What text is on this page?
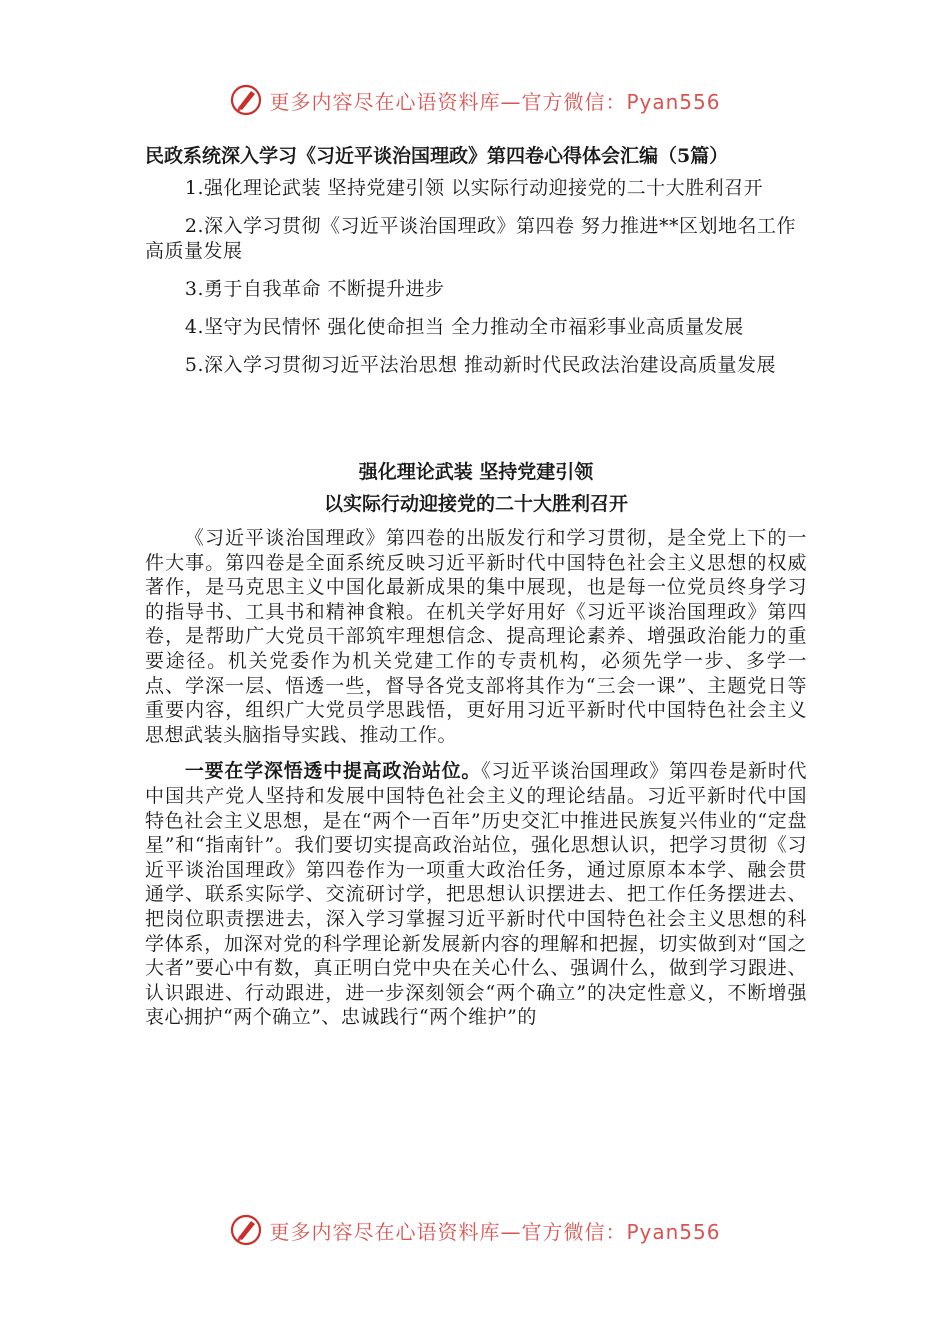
更多内容尽在心语资料库—官方微信：Pyan556

民政系统深入学习《习近平谈治国理政》第四卷心得体会汇编（5篇）

1.强化理论武装 坚持党建引领 以实际行动迎接党的二十大胜利召开

2.深入学习贯彻《习近平谈治国理政》第四卷 努力推进**区划地名工作高质量发展

3.勇于自我革命 不断提升进步

4.坚守为民情怀 强化使命担当 全力推动全市福彩事业高质量发展

5.深入学习贯彻习近平法治思想 推动新时代民政法治建设高质量发展

强化理论武装 坚持党建引领

以实际行动迎接党的二十大胜利召开

《习近平谈治国理政》第四卷的出版发行和学习贯彻，是全党上下的一件大事。第四卷是全面系统反映习近平新时代中国特色社会主义思想的权威著作，是马克思主义中国化最新成果的集中展现，也是每一位党员终身学习的指导书、工具书和精神食粮。在机关学好用好《习近平谈治国理政》第四卷，是帮助广大党员干部筑牢理想信念、提高理论素养、增强政治能力的重要途径。机关党委作为机关党建工作的专责机构，必须先学一步、多学一点、学深一层、悟透一些，督导各党支部将其作为“三会一课”、主题党日等重要内容，组织广大党员学思践悟，更好用习近平新时代中国特色社会主义思想武装头脑指导实践、推动工作。

一要在学深悟透中提高政治站位。《习近平谈治国理政》第四卷是新时代中国共产党人坚持和发展中国特色社会主义的理论结晶。习近平新时代中国特色社会主义思想，是在“两个一百年”历史交汇中推进民族复兴伟业的“定盘星”和“指南针”。我们要切实提高政治站位，强化思想认识，把学习贯彻《习近平谈治国理政》第四卷作为一项重大政治任务，通过原原本本学、融会贯通学、联系实际学、交流研讨学，把思想认识摆进去、把工作任务摆进去、把岗位职责摆进去，深入学习掌握习近平新时代中国特色社会主义思想的科学体系，加深对党的科学理论新发展新内容的理解和把握，切实做到对“国之大者”要心中有数，真正明白党中央在关心什么、强调什么，做到学习跟进、认识跟进、行动跟进，进一步深刻领会“两个确立”的决定性意义，不断增强衷心拥护“两个确立”、忠诚践行“两个维护”的

更多内容尽在心语资料库—官方微信：Pyan556
